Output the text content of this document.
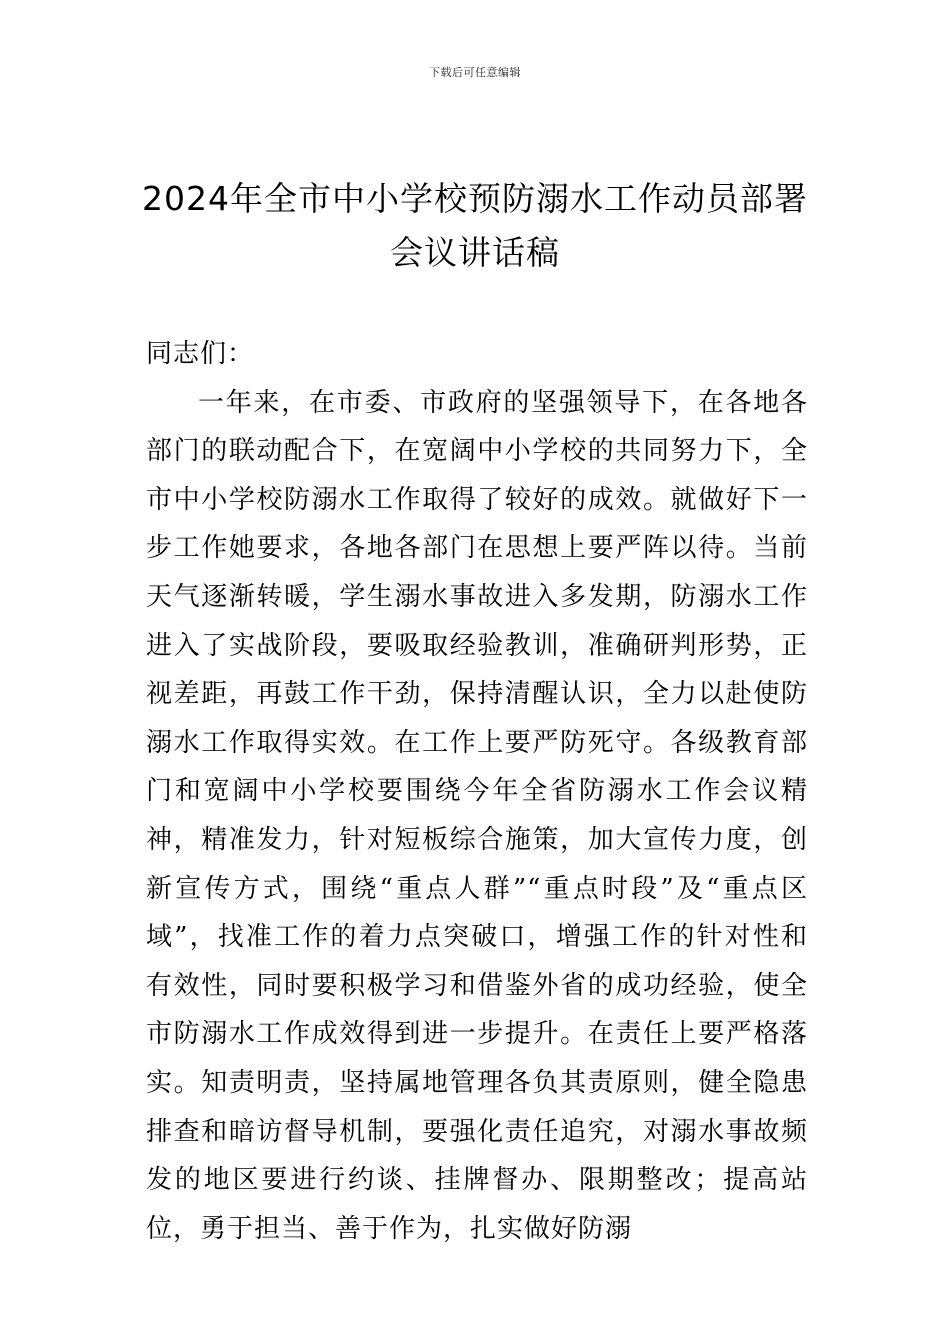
下载后可任意编辑
2024年全市中小学校预防溺水工作动员部署会议讲话稿

同志们：

一年来，在市委、市政府的坚强领导下，在各地各部门的联动配合下，在宽阔中小学校的共同努力下，全市中小学校防溺水工作取得了较好的成效。就做好下一步工作她要求，各地各部门在思想上要严阵以待。当前天气逐渐转暖，学生溺水事故进入多发期，防溺水工作进入了实战阶段，要吸取经验教训，准确研判形势，正视差距，再鼓工作干劲，保持清醒认识，全力以赴使防溺水工作取得实效。在工作上要严防死守。各级教育部门和宽阔中小学校要围绕今年全省防溺水工作会议精神，精准发力，针对短板综合施策，加大宣传力度，创新宣传方式，围绕“重点人群”“重点时段”及“重点区域”，找准工作的着力点突破口，增强工作的针对性和有效性，同时要积极学习和借鉴外省的成功经验，使全市防溺水工作成效得到进一步提升。在责任上要严格落实。知责明责，坚持属地管理各负其责原则，健全隐患排查和暗访督导机制，要强化责任追究，对溺水事故频发的地区要进行约谈、挂牌督办、限期整改；提高站位，勇于担当、善于作为，扎实做好防溺
